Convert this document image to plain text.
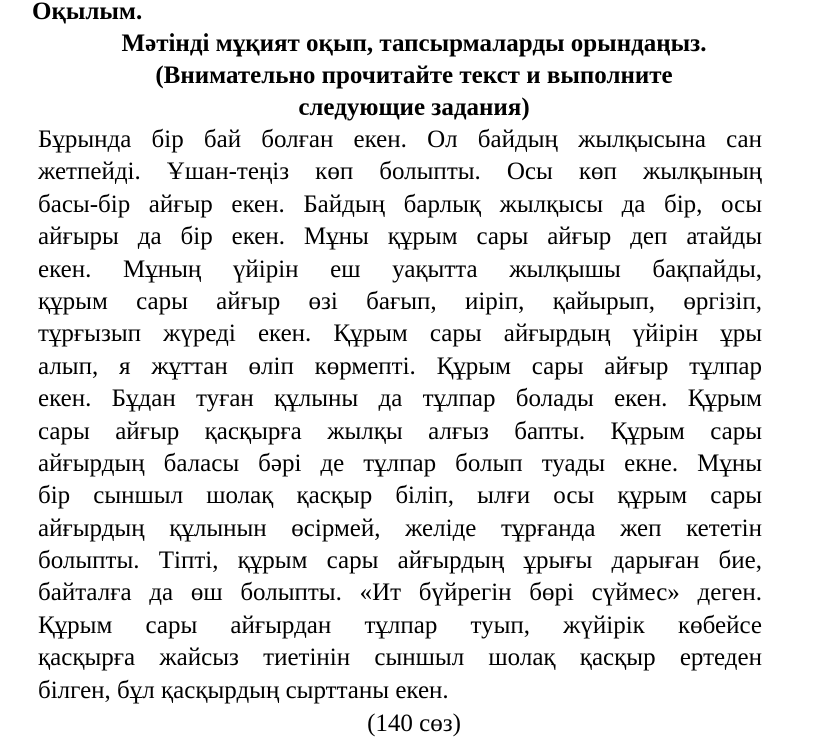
Оқылым.
Мәтінді мұқият оқып, тапсырмаларды орындаңыз.
(Внимательно прочитайте текст и выполните
следующие задания)
Бұрында бір бай болған екен. Ол байдың жылқысына сан
жетпейді. Ұшан-теңіз көп болыпты. Осы көп жылқының
басы-бір айғыр екен. Байдың барлық жылқысы да бір, осы
айғыры да бір екен. Мұны құрым сары айғыр деп атайды
екен. Мұның үйірін еш уақытта жылқышы бақпайды,
құрым сары айғыр өзі бағып, иіріп, қайырып, өргізіп,
тұрғызып жүреді екен. Құрым сары айғырдың үйірін ұры
алып, я жұттан өліп көрмепті. Құрым сары айғыр тұлпар
екен. Бұдан туған құлыны да тұлпар болады екен. Құрым
сары айғыр қасқырға жылқы алғыз бапты. Құрым сары
айғырдың баласы бәрі де тұлпар болып туады екне. Мұны
бір сыншыл шолақ қасқыр біліп, ылғи осы құрым сары
айғырдың құлынын өсірмей, желіде тұрғанда жеп кететін
болыпты. Тіпті, құрым сары айғырдың ұрығы дарыған бие,
байталға да өш болыпты. «Ит бүйрегін бөрі сүймес» деген.
Құрым сары айғырдан тұлпар туып, жүйірік көбейсе
қасқырға жайсыз тиетінін сыншыл шолақ қасқыр ертеден
білген, бұл қасқырдың сырттаны екен.
(140 сөз)
